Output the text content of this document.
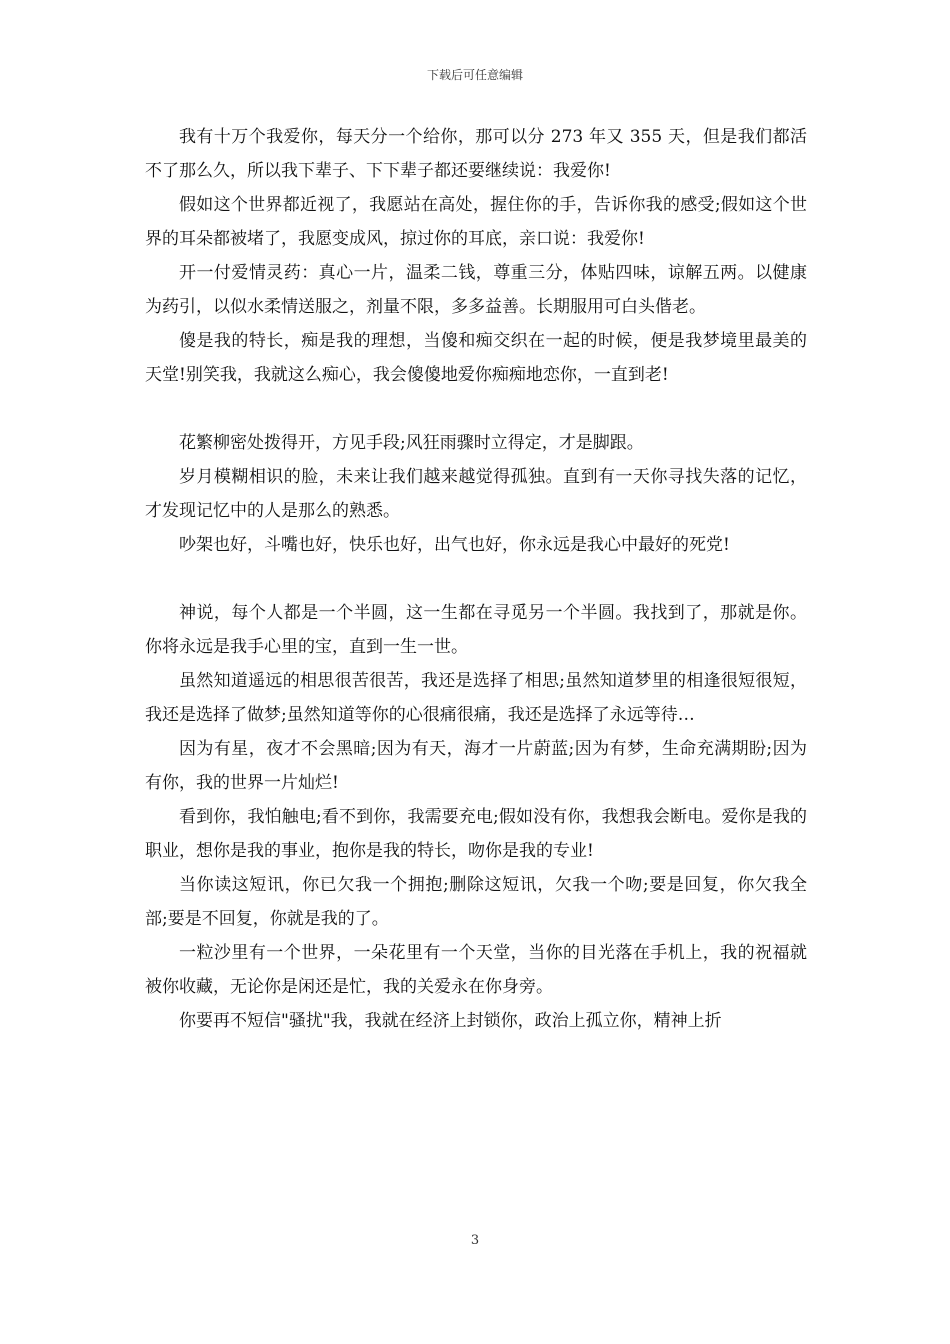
下载后可任意编辑

我有十万个我爱你，每天分一个给你，那可以分 273 年又 355 天，但是我们都活不了那么久，所以我下辈子、下下辈子都还要继续说：我爱你!

假如这个世界都近视了，我愿站在高处，握住你的手，告诉你我的感受;假如这个世界的耳朵都被堵了，我愿变成风，掠过你的耳底，亲口说：我爱你!

开一付爱情灵药：真心一片，温柔二钱，尊重三分，体贴四味，谅解五两。以健康为药引，以似水柔情送服之，剂量不限，多多益善。长期服用可白头偕老。

傻是我的特长，痴是我的理想，当傻和痴交织在一起的时候，便是我梦境里最美的天堂!别笑我，我就这么痴心，我会傻傻地爱你痴痴地恋你，一直到老!

花繁柳密处拨得开，方见手段;风狂雨骤时立得定，才是脚跟。

岁月模糊相识的脸，未来让我们越来越觉得孤独。直到有一天你寻找失落的记忆，才发现记忆中的人是那么的熟悉。

吵架也好，斗嘴也好，快乐也好，出气也好，你永远是我心中最好的死党!

神说，每个人都是一个半圆，这一生都在寻觅另一个半圆。我找到了，那就是你。你将永远是我手心里的宝，直到一生一世。

虽然知道遥远的相思很苦很苦，我还是选择了相思;虽然知道梦里的相逢很短很短，我还是选择了做梦;虽然知道等你的心很痛很痛，我还是选择了永远等待…

因为有星，夜才不会黑暗;因为有天，海才一片蔚蓝;因为有梦，生命充满期盼;因为有你，我的世界一片灿烂!

看到你，我怕触电;看不到你，我需要充电;假如没有你，我想我会断电。爱你是我的职业，想你是我的事业，抱你是我的特长，吻你是我的专业!

当你读这短讯，你已欠我一个拥抱;删除这短讯，欠我一个吻;要是回复，你欠我全部;要是不回复，你就是我的了。

一粒沙里有一个世界，一朵花里有一个天堂，当你的目光落在手机上，我的祝福就被你收藏，无论你是闲还是忙，我的关爱永在你身旁。

你要再不短信"骚扰"我，我就在经济上封锁你，政治上孤立你，精神上折

3
